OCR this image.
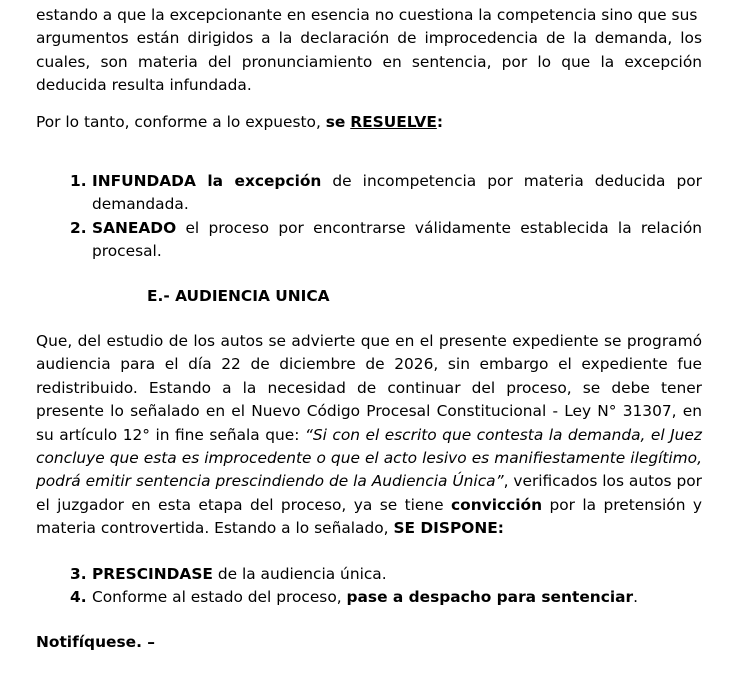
estando a que la excepcionante en esencia no cuestiona la competencia sino que sus

argumentos están dirigidos a la declaración de improcedencia de la demanda, los

cuales, son materia del pronunciamiento en sentencia, por lo que la excepción

deducida resulta infundada.

Por lo tanto, conforme a lo expuesto, se RESUELVE:

1. INFUNDADA la excepción de incompetencia por materia deducida por demandada.
2. SANEADO el proceso por encontrarse válidamente establecida la relación procesal.
E.- AUDIENCIA UNICA
Que, del estudio de los autos se advierte que en el presente expediente se programó audiencia para el día 22 de diciembre de 2026, sin embargo el expediente fue redistribuido. Estando a la necesidad de continuar del proceso, se debe tener presente lo señalado en el Nuevo Código Procesal Constitucional - Ley N° 31307, en su artículo 12° in fine señala que: “Si con el escrito que contesta la demanda, el Juez concluye que esta es improcedente o que el acto lesivo es manifiestamente ilegítimo, podrá emitir sentencia prescindiendo de la Audiencia Única”, verificados los autos por el juzgador en esta etapa del proceso, ya se tiene convicción por la pretensión y materia controvertida. Estando a lo señalado, SE DISPONE:
3. PRESCINDASE de la audiencia única.
4. Conforme al estado del proceso, pase a despacho para sentenciar.
Notifíquese. –
